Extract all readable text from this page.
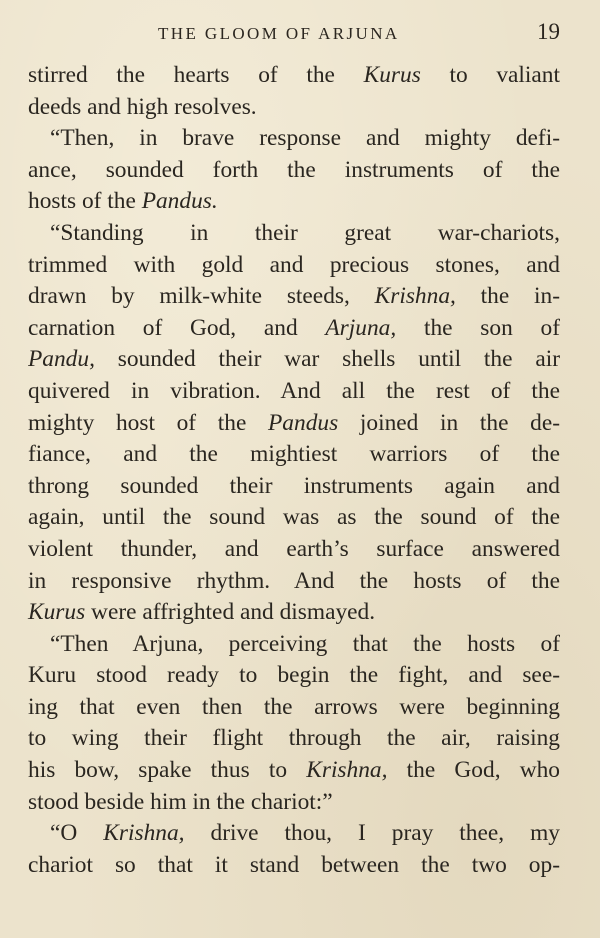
THE GLOOM OF ARJUNA	19
stirred the hearts of the Kurus to valiant
deeds and high resolves.
“Then, in brave response and mighty defi-
ance, sounded forth the instruments of the
hosts of the Pandus.
“Standing in their great war-chariots,
trimmed with gold and precious stones, and
drawn by milk-white steeds, Krishna, the in-
carnation of God, and Arjuna, the son of
Pandu, sounded their war shells until the air
quivered in vibration. And all the rest of the
mighty host of the Pandus joined in the de-
fiance, and the mightiest warriors of the
throng sounded their instruments again and
again, until the sound was as the sound of the
violent thunder, and earth’s surface answered
in responsive rhythm. And the hosts of the
Kurus were affrighted and dismayed.
“Then Arjuna, perceiving that the hosts of
Kuru stood ready to begin the fight, and see-
ing that even then the arrows were beginning
to wing their flight through the air, raising
his bow, spake thus to Krishna, the God, who
stood beside him in the chariot:”
“O Krishna, drive thou, I pray thee, my
chariot so that it stand between the two op-
